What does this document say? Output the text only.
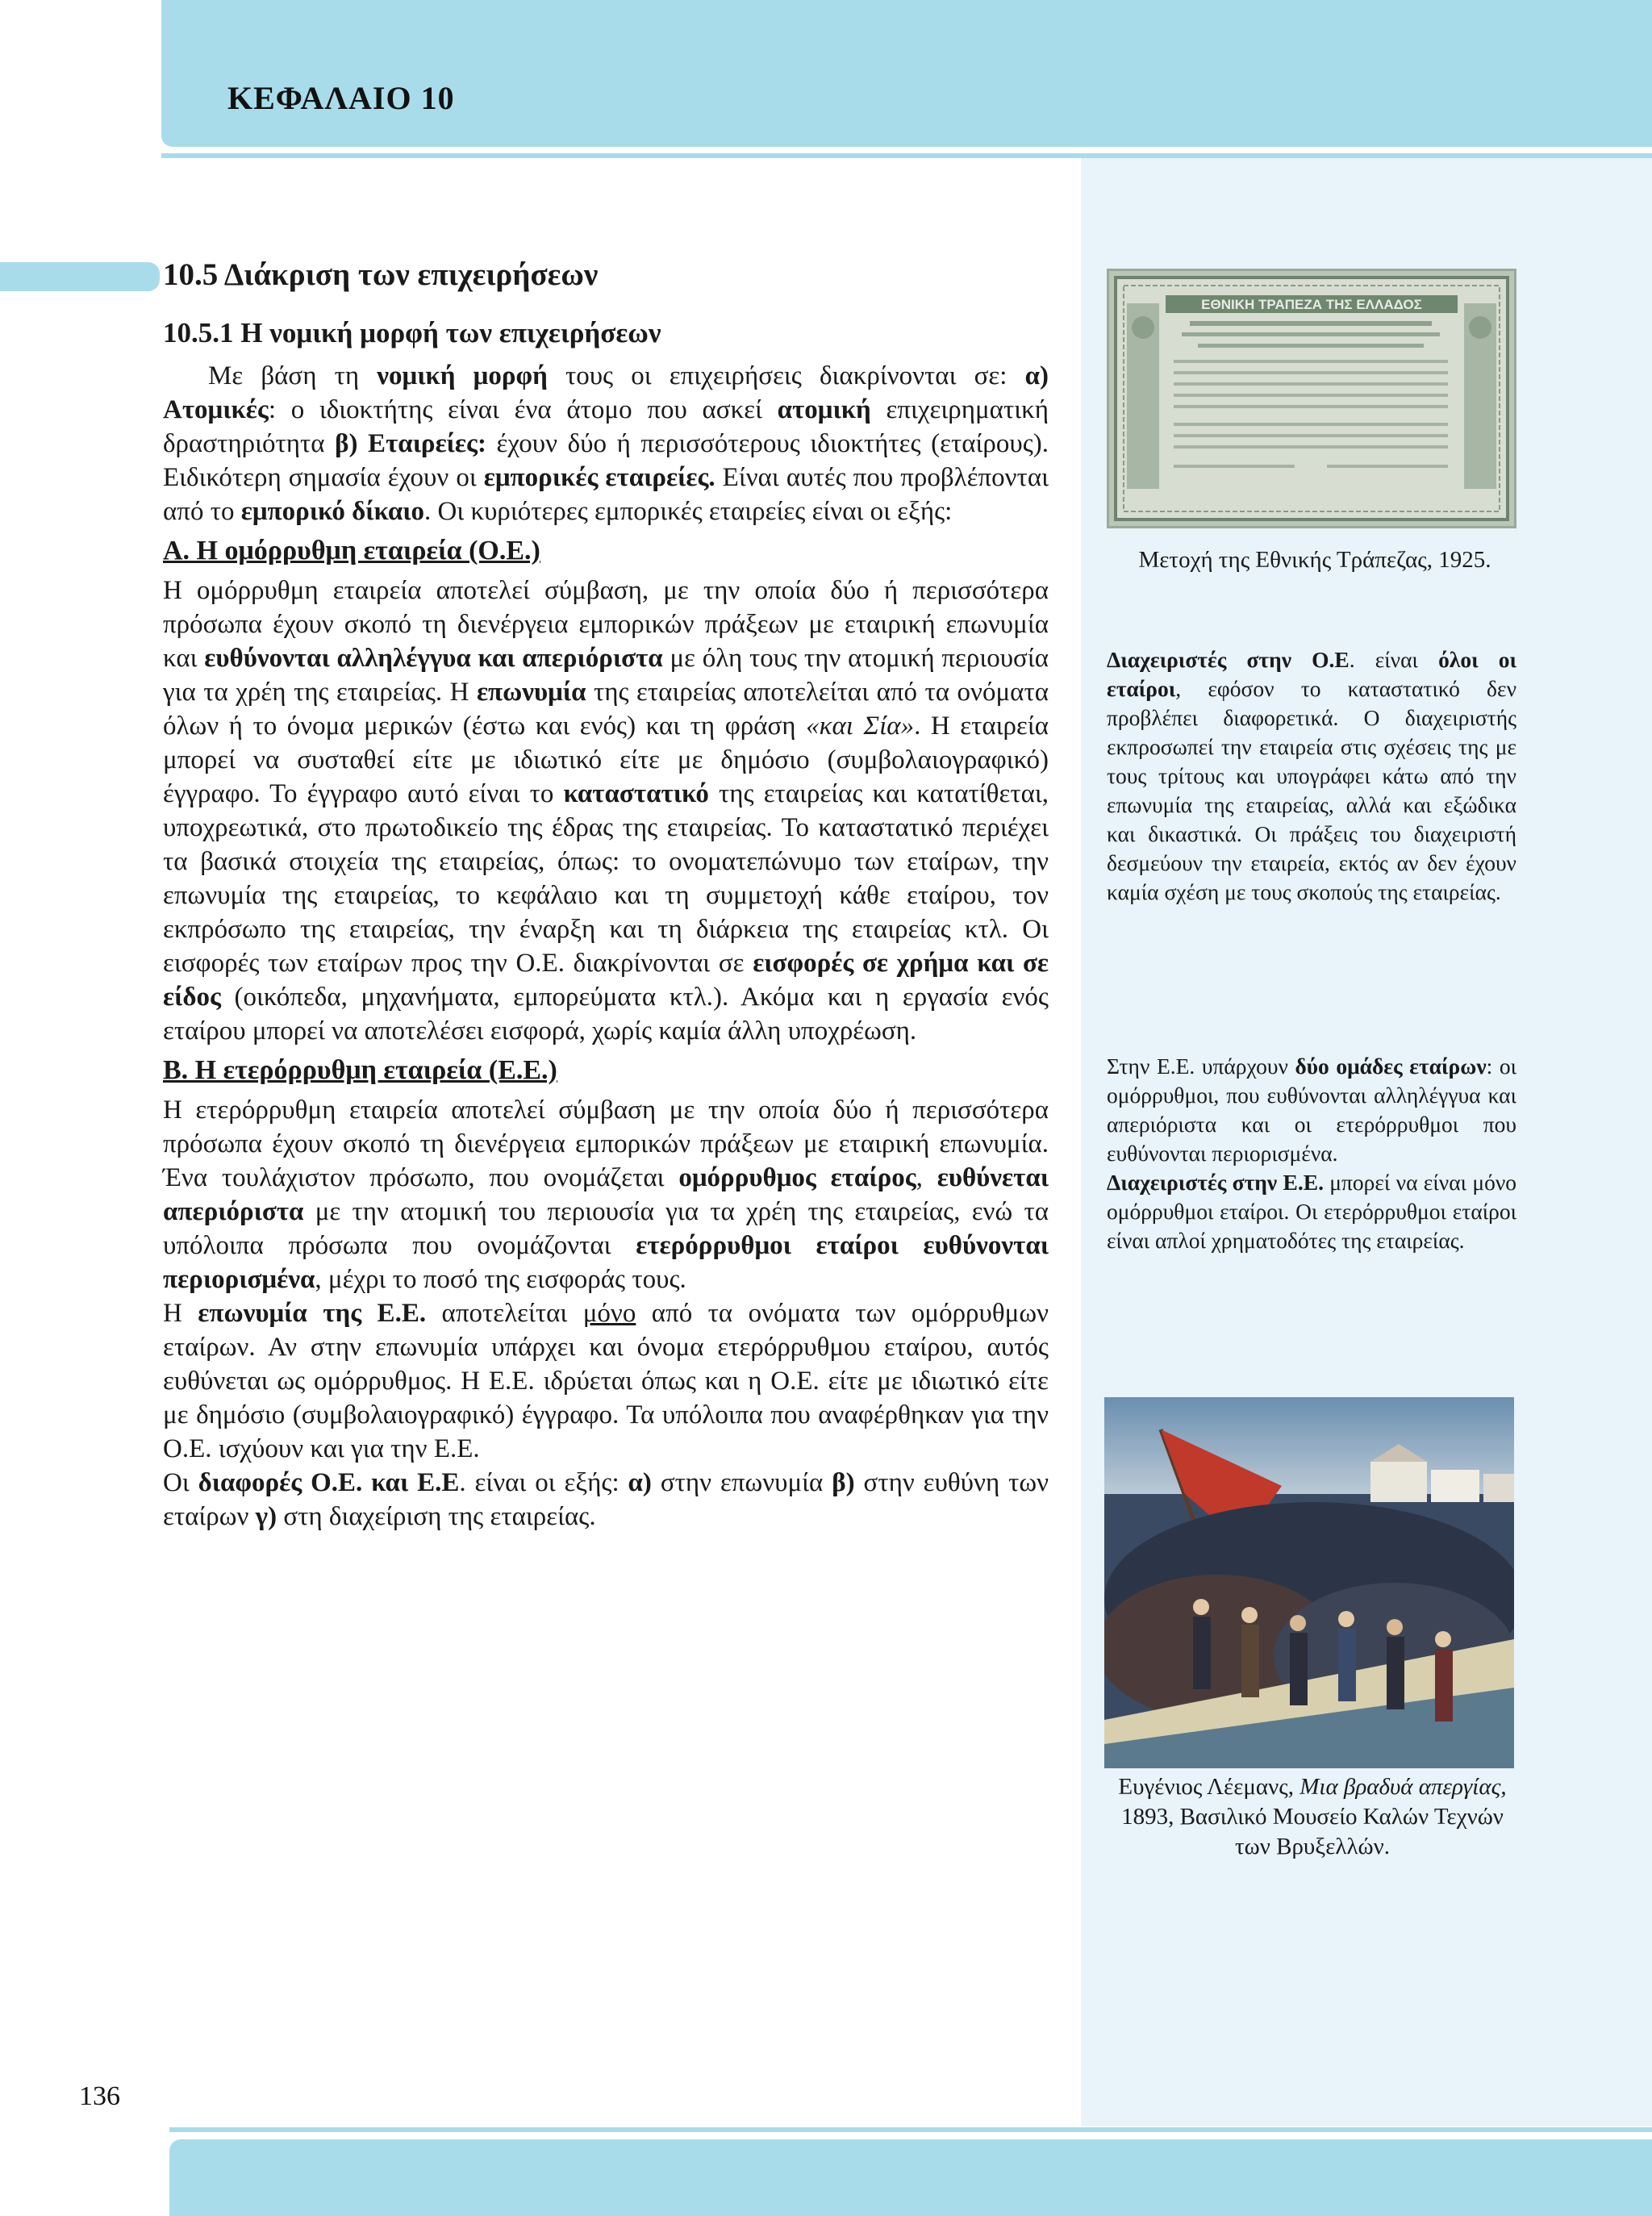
ΚΕΦΑΛΑΙΟ 10
10.5 Διάκριση των επιχειρήσεων
10.5.1 Η νομική μορφή των επιχειρήσεων

Με βάση τη νομική μορφή τους οι επιχειρήσεις διακρίνονται σε: α) Ατομικές: ο ιδιοκτήτης είναι ένα άτομο που ασκεί ατομική επιχειρηματική δραστηριότητα β) Εταιρείες: έχουν δύο ή περισσότερους ιδιοκτήτες (εταίρους). Ειδικότερη σημασία έχουν οι εμπορικές εταιρείες. Είναι αυτές που προβλέπονται από το εμπορικό δίκαιο. Οι κυριότερες εμπορικές εταιρείες είναι οι εξής:

Α. Η ομόρρυθμη εταιρεία (Ο.Ε.)

Η ομόρρυθμη εταιρεία αποτελεί σύμβαση, με την οποία δύο ή περισσότερα πρόσωπα έχουν σκοπό τη διενέργεια εμπορικών πράξεων με εταιρική επωνυμία και ευθύνονται αλληλέγγυα και απεριόριστα με όλη τους την ατομική περιουσία για τα χρέη της εταιρείας. Η επωνυμία της εταιρείας αποτελείται από τα ονόματα όλων ή το όνομα μερικών (έστω και ενός) και τη φράση «και Σία». Η εταιρεία μπορεί να συσταθεί είτε με ιδιωτικό είτε με δημόσιο (συμβολαιογραφικό) έγγραφο. Το έγγραφο αυτό είναι το καταστατικό της εταιρείας και κατατίθεται, υποχρεωτικά, στο πρωτοδικείο της έδρας της εταιρείας. Το καταστατικό περιέχει τα βασικά στοιχεία της εταιρείας, όπως: το ονοματεπώνυμο των εταίρων, την επωνυμία της εταιρείας, το κεφάλαιο και τη συμμετοχή κάθε εταίρου, τον εκπρόσωπο της εταιρείας, την έναρξη και τη διάρκεια της εταιρείας κτλ. Οι εισφορές των εταίρων προς την Ο.Ε. διακρίνονται σε εισφορές σε χρήμα και σε είδος (οικόπεδα, μηχανήματα, εμπορεύματα κτλ.). Ακόμα και η εργασία ενός εταίρου μπορεί να αποτελέσει εισφορά, χωρίς καμία άλλη υποχρέωση.

Β. Η ετερόρρυθμη εταιρεία (Ε.Ε.)

Η ετερόρρυθμη εταιρεία αποτελεί σύμβαση με την οποία δύο ή περισσότερα πρόσωπα έχουν σκοπό τη διενέργεια εμπορικών πράξεων με εταιρική επωνυμία. Ένα τουλάχιστον πρόσωπο, που ονομάζεται ομόρρυθμος εταίρος, ευθύνεται απεριόριστα με την ατομική του περιουσία για τα χρέη της εταιρείας, ενώ τα υπόλοιπα πρόσωπα που ονομάζονται ετερόρρυθμοι εταίροι ευθύνονται περιορισμένα, μέχρι το ποσό της εισφοράς τους.

Η επωνυμία της Ε.Ε. αποτελείται μόνο από τα ονόματα των ομόρρυθμων εταίρων. Αν στην επωνυμία υπάρχει και όνομα ετερόρρυθμου εταίρου, αυτός ευθύνεται ως ομόρρυθμος. Η Ε.Ε. ιδρύεται όπως και η Ο.Ε. είτε με ιδιωτικό είτε με δημόσιο (συμβολαιογραφικό) έγγραφο. Τα υπόλοιπα που αναφέρθηκαν για την Ο.Ε. ισχύουν και για την Ε.Ε.

Οι διαφορές Ο.Ε. και Ε.Ε. είναι οι εξής: α) στην επωνυμία β) στην ευθύνη των εταίρων γ) στη διαχείριση της εταιρείας.

ΕΘΝΙΚΗ ΤΡΑΠΕΖΑ ΤΗΣ ΕΛΛΑΔΟΣ
Μετοχή της Εθνικής Τράπεζας, 1925.
Διαχειριστές στην Ο.Ε. είναι όλοι οι εταίροι, εφόσον το καταστατικό δεν προβλέπει διαφορετικά. Ο διαχειριστής εκπροσωπεί την εταιρεία στις σχέσεις της με τους τρίτους και υπογράφει κάτω από την επωνυμία της εταιρείας, αλλά και εξώδικα και δικαστικά. Οι πράξεις του διαχειριστή δεσμεύουν την εταιρεία, εκτός αν δεν έχουν καμία σχέση με τους σκοπούς της εταιρείας.
Στην Ε.Ε. υπάρχουν δύο ομάδες εταίρων: οι ομόρρυθμοι, που ευθύνονται αλληλέγγυα και απεριόριστα και οι ετερόρρυθμοι που ευθύνονται περιορισμένα.
Διαχειριστές στην Ε.Ε. μπορεί να είναι μόνο ομόρρυθμοι εταίροι. Οι ετερόρρυθμοι εταίροι είναι απλοί χρηματοδότες της εταιρείας.
Ευγένιος Λέεμανς, Μια βραδυά απεργίας, 1893, Βασιλικό Μουσείο Καλών Τεχνών των Βρυξελλών.
136
